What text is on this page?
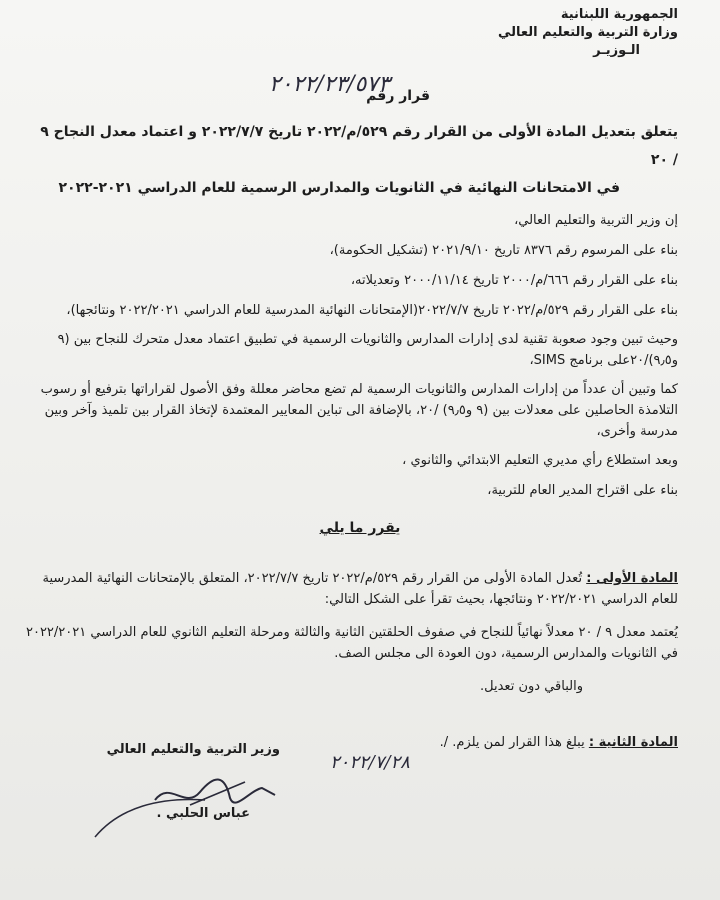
الجمهورية اللبنانية
وزارة التربية والتعليم العالي
الـوزيـر
٢٠٢٢/٢٣/٥٧٣
قرار رقم
يتعلق بتعديل المادة الأولى من القرار رقم ٥٢٩/م/٢٠٢٢ تاريخ ٢٠٢٢/٧/٧ و اعتماد معدل النجاح ٩ / ٢٠
في الامتحانات النهائية في الثانويات والمدارس الرسمية للعام الدراسي ٢٠٢١-٢٠٢٢

إن وزير التربية والتعليم العالي،

بناء على المرسوم رقم ٨٣٧٦ تاريخ ٢٠٢١/٩/١٠ (تشكيل الحكومة)،

بناء على القرار رقم ٦٦٦/م/٢٠٠٠ تاريخ ٢٠٠٠/١١/١٤ وتعديلاته،

بناء على القرار رقم ٥٢٩/م/٢٠٢٢ تاريخ ٢٠٢٢/٧/٧(الإمتحانات النهائية المدرسية للعام الدراسي ٢٠٢٢/٢٠٢١ ونتائجها)،

وحيث تبين وجود صعوبة تقنية لدى إدارات المدارس والثانويات الرسمية في تطبيق اعتماد معدل متحرك للنجاح بين (٩ و٩٫٥)/٢٠على برنامج SIMS،

كما وتبين أن عدداً من إدارات المدارس والثانويات الرسمية لم تضع محاضر معللة وفق الأصول لقراراتها بترفيع أو رسوب التلامذة الحاصلين على معدلات بين (٩ و٩٫٥) /٢٠، بالإضافة الى تباين المعايير المعتمدة لإتخاذ القرار بين تلميذ وآخر وبين مدرسة وأخرى،

وبعد استطلاع رأي مديري التعليم الابتدائي والثانوي ،

بناء على اقتراح المدير العام للتربية،

يقرر ما يلي

المادة الأولى : تُعدل المادة الأولى من القرار رقم ٥٢٩/م/٢٠٢٢ تاريخ ٢٠٢٢/٧/٧، المتعلق بالإمتحانات النهائية المدرسية للعام الدراسي ٢٠٢٢/٢٠٢١ ونتائجها، بحيث تقرأ على الشكل التالي:

يُعتمد معدل ٩ / ٢٠ معدلاً نهائياً للنجاح في صفوف الحلقتين الثانية والثالثة ومرحلة التعليم الثانوي للعام الدراسي ٢٠٢٢/٢٠٢١ في الثانويات والمدارس الرسمية، دون العودة الى مجلس الصف.

والباقي دون تعديل.

المادة الثانية : يبلغ هذا القرار لمن يلزم. /.
٢٠٢٢/٧/٢٨
وزير التربية والتعليم العالي
عباس الحلبي .
